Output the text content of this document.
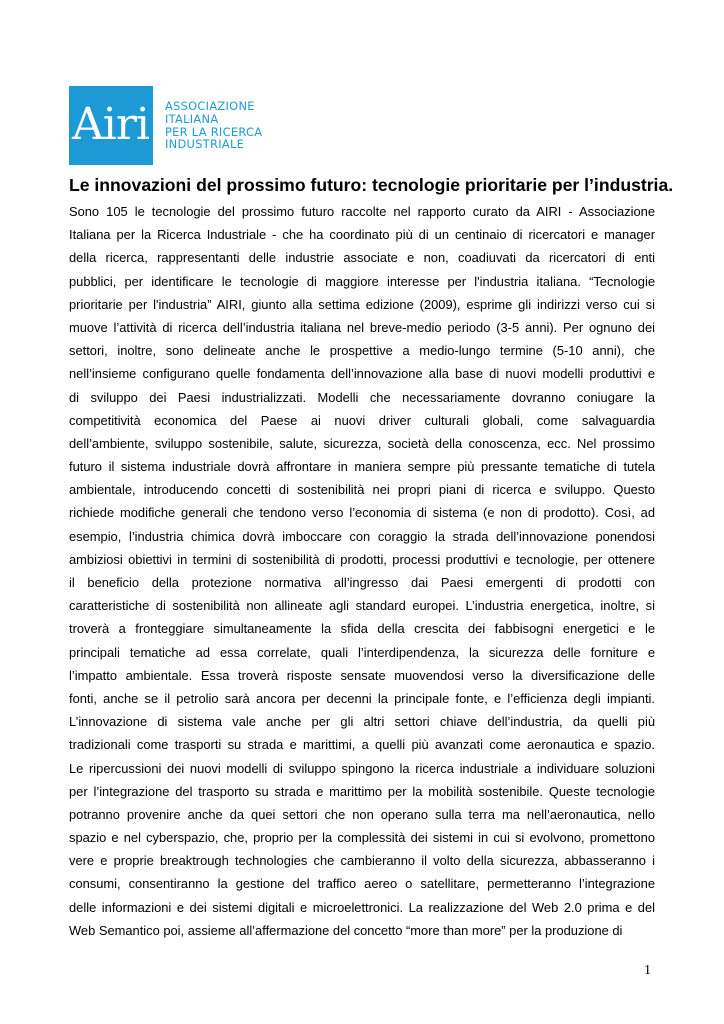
Airi ASSOCIAZIONE
ITALIANA
PER LA RICERCA
INDUSTRIALE
Le innovazioni del prossimo futuro: tecnologie prioritarie per l’industria.
Sono 105 le tecnologie del prossimo futuro raccolte nel rapporto curato da AIRI - Associazione
Italiana per la Ricerca Industriale - che ha coordinato più di un centinaio di ricercatori e manager
della ricerca, rappresentanti delle industrie associate e non, coadiuvati da ricercatori di enti
pubblici, per identificare le tecnologie di maggiore interesse per l'industria italiana. “Tecnologie
prioritarie per l'industria” AIRI, giunto alla settima edizione (2009), esprime gli indirizzi verso cui si
muove l’attività di ricerca dell’industria italiana nel breve-medio periodo (3-5 anni). Per ognuno dei
settori, inoltre, sono delineate anche le prospettive a medio-lungo termine (5-10 anni), che
nell’insieme configurano quelle fondamenta dell’innovazione alla base di nuovi modelli produttivi e
di sviluppo dei Paesi industrializzati. Modelli che necessariamente dovranno coniugare la
competitività economica del Paese ai nuovi driver culturali globali, come salvaguardia
dell’ambiente, sviluppo sostenibile, salute, sicurezza, società della conoscenza, ecc. Nel prossimo
futuro il sistema industriale dovrà affrontare in maniera sempre più pressante tematiche di tutela
ambientale, introducendo concetti di sostenibilità nei propri piani di ricerca e sviluppo. Questo
richiede modifiche generali che tendono verso l’economia di sistema (e non di prodotto). Così, ad
esempio, l’industria chimica dovrà imboccare con coraggio la strada dell’innovazione ponendosi
ambiziosi obiettivi in termini di sostenibilità di prodotti, processi produttivi e tecnologie, per ottenere
il beneficio della protezione normativa all’ingresso dai Paesi emergenti di prodotti con
caratteristiche di sostenibilità non allineate agli standard europei. L’industria energetica, inoltre, si
troverà a fronteggiare simultaneamente la sfida della crescita dei fabbisogni energetici e le
principali tematiche ad essa correlate, quali l’interdipendenza, la sicurezza delle forniture e
l’impatto ambientale. Essa troverà risposte sensate muovendosi verso la diversificazione delle
fonti, anche se il petrolio sarà ancora per decenni la principale fonte, e l’efficienza degli impianti.
L’innovazione di sistema vale anche per gli altri settori chiave dell’industria, da quelli più
tradizionali come trasporti su strada e marittimi, a quelli più avanzati come aeronautica e spazio.
Le ripercussioni dei nuovi modelli di sviluppo spingono la ricerca industriale a individuare soluzioni
per l’integrazione del trasporto su strada e marittimo per la mobilità sostenibile. Queste tecnologie
potranno provenire anche da quei settori che non operano sulla terra ma nell’aeronautica, nello
spazio e nel cyberspazio, che, proprio per la complessità dei sistemi in cui si evolvono, promettono
vere e proprie breaktrough technologies che cambieranno il volto della sicurezza, abbasseranno i
consumi, consentiranno la gestione del traffico aereo o satellitare, permetteranno l’integrazione
delle informazioni e dei sistemi digitali e microelettronici. La realizzazione del Web 2.0 prima e del
Web Semantico poi, assieme all’affermazione del concetto “more than more” per la produzione di
1
